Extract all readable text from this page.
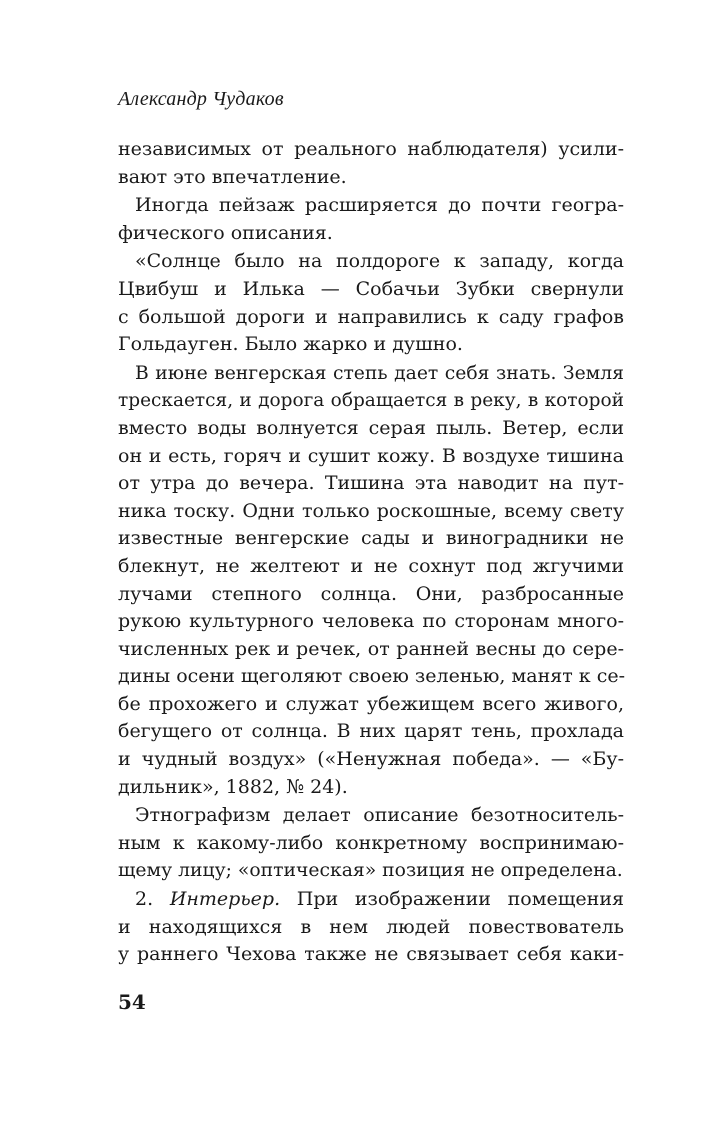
Александр Чудаков
независимых от реального наблюдателя) усили-
вают это впечатление.
Иногда пейзаж расширяется до почти геогра-
фического описания.
«Солнце было на полдороге к западу, когда
Цвибуш и Илька — Собачьи Зубки свернули
с большой дороги и направились к саду графов
Гольдауген. Было жарко и душно.
В июне венгерская степь дает себя знать. Земля
трескается, и дорога обращается в реку, в которой
вместо воды волнуется серая пыль. Ветер, если
он и есть, горяч и сушит кожу. В воздухе тишина
от утра до вечера. Тишина эта наводит на пут-
ника тоску. Одни только роскошные, всему свету
известные венгерские сады и виноградники не
блекнут, не желтеют и не сохнут под жгучими
лучами степного солнца. Они, разбросанные
рукою культурного человека по сторонам много-
численных рек и речек, от ранней весны до сере-
дины осени щеголяют своею зеленью, манят к се-
бе прохожего и служат убежищем всего живого,
бегущего от солнца. В них царят тень, прохлада
и чудный воздух» («Ненужная победа». — «Бу-
дильник», 1882, № 24).
Этнографизм делает описание безотноситель-
ным к какому-либо конкретному воспринимаю-
щему лицу; «оптическая» позиция не определена.
2. Интерьер. При изображении помещения
и находящихся в нем людей повествователь
у раннего Чехова также не связывает себя каки-
54
